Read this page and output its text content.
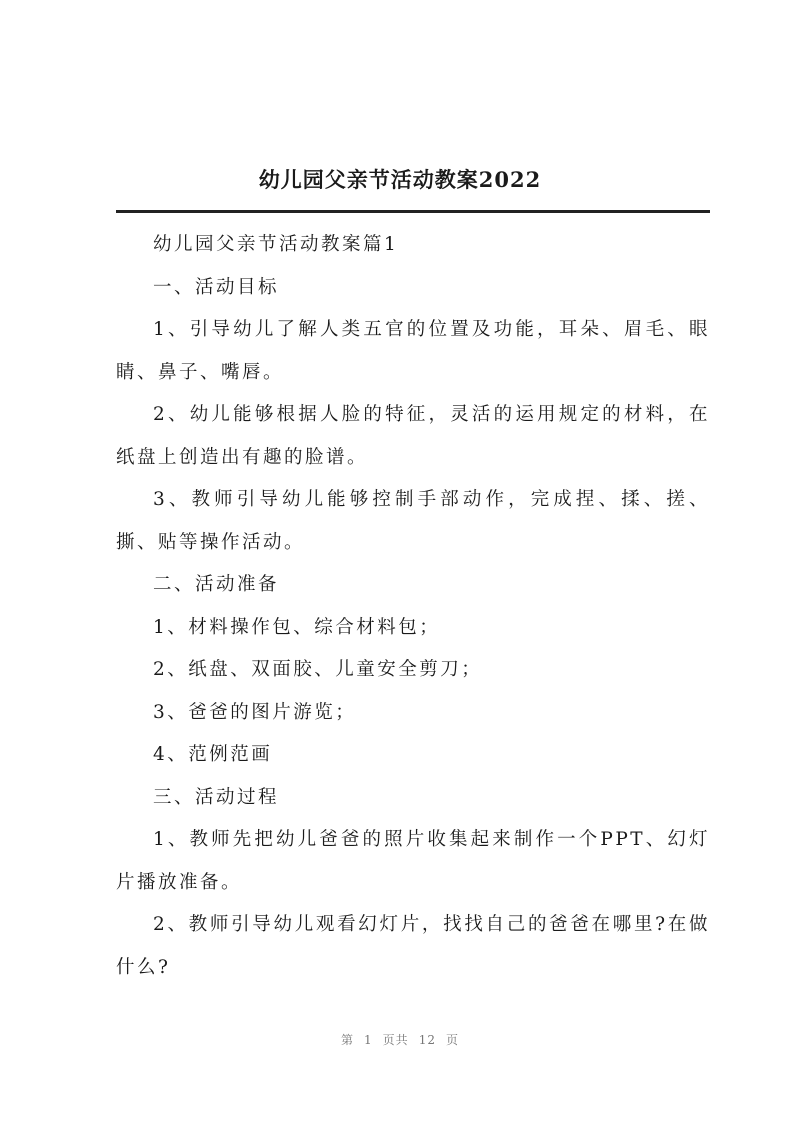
幼儿园父亲节活动教案2022

幼儿园父亲节活动教案篇1

一、活动目标

1、引导幼儿了解人类五官的位置及功能，耳朵、眉毛、眼睛、鼻子、嘴唇。

2、幼儿能够根据人脸的特征，灵活的运用规定的材料，在纸盘上创造出有趣的脸谱。

3、教师引导幼儿能够控制手部动作，完成捏、揉、搓、撕、贴等操作活动。

二、活动准备

1、材料操作包、综合材料包；

2、纸盘、双面胶、儿童安全剪刀；

3、爸爸的图片游览；

4、范例范画

三、活动过程

1、教师先把幼儿爸爸的照片收集起来制作一个PPT、幻灯片播放准备。

2、教师引导幼儿观看幻灯片，找找自己的爸爸在哪里?在做什么?

第 1 页共 12 页
